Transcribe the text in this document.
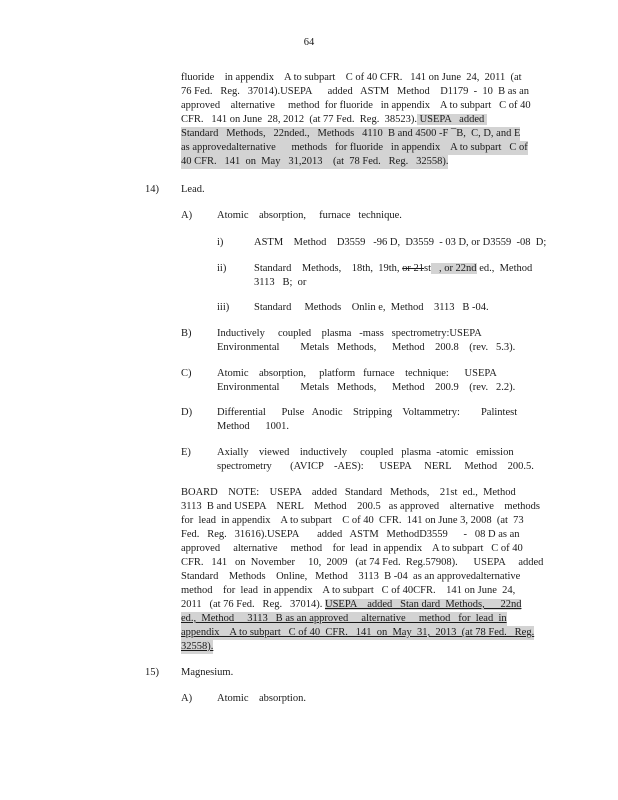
64
fluoride    in appendix    A to subpart    C of 40 CFR.   141 on June  24,  2011  (at
76 Fed.   Reg.   37014).USEPA      added   ASTM   Method    D1179  -  10  B as an
approved    alternative     method  for fluoride   in appendix    A to subpart   C of 40
CFR.   141 on June  28, 2012  (at 77 Fed.  Reg.  38523). USEPA   added
Standard   Methods,   22nded.,   Methods   4110  B and 4500 -F ¯B,  C, D, and E
as approvedalternative      methods   for fluoride   in appendix    A to subpart   C of
40 CFR.   141  on  May   31,2013    (at  78 Fed.   Reg.   32558).
14) Lead.
A) Atomic    absorption,     furnace   technique.
i)	ASTM    Method    D3559   -96 D,  D3559  - 03 D, or D3559  -08  D;
ii)	Standard    Methods,    18th,  19th, or 21st   , or 22nd ed.,  Method
3113   B;  or
iii) Standard     Methods    Onlin e,  Method    3113   B -04.
B) Inductively     coupled    plasma   -mass   spectrometry:USEPA
Environmental        Metals   Methods,      Method    200.8    (rev.   5.3).
C) Atomic    absorption,     platform   furnace    technique:      USEPA
Environmental        Metals   Methods,      Method    200.9    (rev.   2.2).
D) Differential      Pulse   Anodic    Stripping    Voltammetry:        Palintest
Method      1001.
E) Axially    viewed    inductively     coupled   plasma  -atomic   emission
spectrometry       (AVICP    -AES):      USEPA     NERL     Method    200.5.
BOARD    NOTE:    USEPA    added   Standard   Methods,    21st  ed.,  Method
3113  B and USEPA    NERL    Method    200.5   as approved    alternative    methods
for  lead  in appendix    A to subpart    C of 40  CFR.  141 on June 3, 2008  (at  73
Fed.   Reg.   31616).USEPA       added   ASTM   MethodD3559      -   08 D as an
approved     alternative     method    for  lead  in appendix    A to subpart   C of 40
CFR.   141   on  November     10,  2009   (at 74 Fed.  Reg.57908).      USEPA     added
Standard    Methods    Online,   Method    3113  B -04  as an approvedalternative
method    for  lead  in appendix    A to subpart   C of 40CFR.    141 on June  24,
2011   (at 76 Fed.   Reg.   37014). USEPA    added   Stan dard  Methods,      22nd
ed.,  Method     3113   B as an approved     alternative     method   for  lead  in
appendix    A to subpart   C of 40  CFR.   141  on  May  31,  2013  (at 78 Fed.   Reg.
32558).
15) Magnesium.
A) Atomic    absorption.
